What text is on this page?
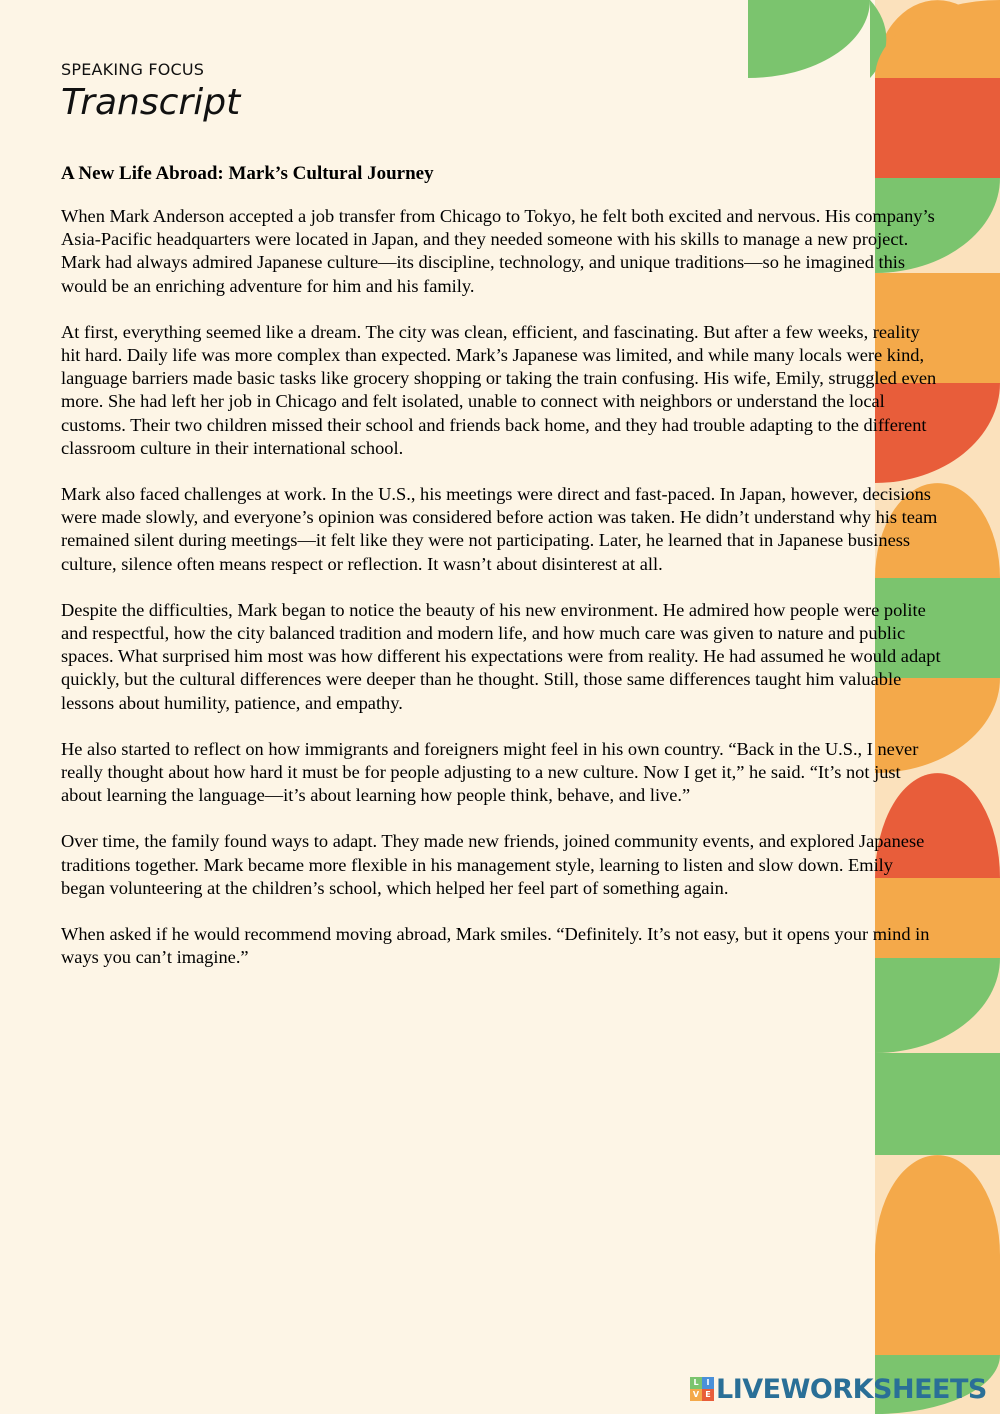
SPEAKING FOCUS

Transcript

A New Life Abroad: Mark’s Cultural Journey

When Mark Anderson accepted a job transfer from Chicago to Tokyo, he felt both excited and nervous. His company’s Asia-Pacific headquarters were located in Japan, and they needed someone with his skills to manage a new project. Mark had always admired Japanese culture—its discipline, technology, and unique traditions—so he imagined this would be an enriching adventure for him and his family.

At first, everything seemed like a dream. The city was clean, efficient, and fascinating. But after a few weeks, reality hit hard. Daily life was more complex than expected. Mark’s Japanese was limited, and while many locals were kind, language barriers made basic tasks like grocery shopping or taking the train confusing. His wife, Emily, struggled even more. She had left her job in Chicago and felt isolated, unable to connect with neighbors or understand the local customs. Their two children missed their school and friends back home, and they had trouble adapting to the different classroom culture in their international school.

Mark also faced challenges at work. In the U.S., his meetings were direct and fast-paced. In Japan, however, decisions were made slowly, and everyone’s opinion was considered before action was taken. He didn’t understand why his team remained silent during meetings—it felt like they were not participating. Later, he learned that in Japanese business culture, silence often means respect or reflection. It wasn’t about disinterest at all.

Despite the difficulties, Mark began to notice the beauty of his new environment. He admired how people were polite and respectful, how the city balanced tradition and modern life, and how much care was given to nature and public spaces. What surprised him most was how different his expectations were from reality. He had assumed he would adapt quickly, but the cultural differences were deeper than he thought. Still, those same differences taught him valuable lessons about humility, patience, and empathy.

He also started to reflect on how immigrants and foreigners might feel in his own country. “Back in the U.S., I never really thought about how hard it must be for people adjusting to a new culture. Now I get it,” he said. “It’s not just about learning the language—it’s about learning how people think, behave, and live.”

Over time, the family found ways to adapt. They made new friends, joined community events, and explored Japanese traditions together. Mark became more flexible in his management style, learning to listen and slow down. Emily began volunteering at the children’s school, which helped her feel part of something again.

When asked if he would recommend moving abroad, Mark smiles. “Definitely. It’s not easy, but it opens your mind in ways you can’t imagine.”

L I
V E LIVEWORKSHEETS
